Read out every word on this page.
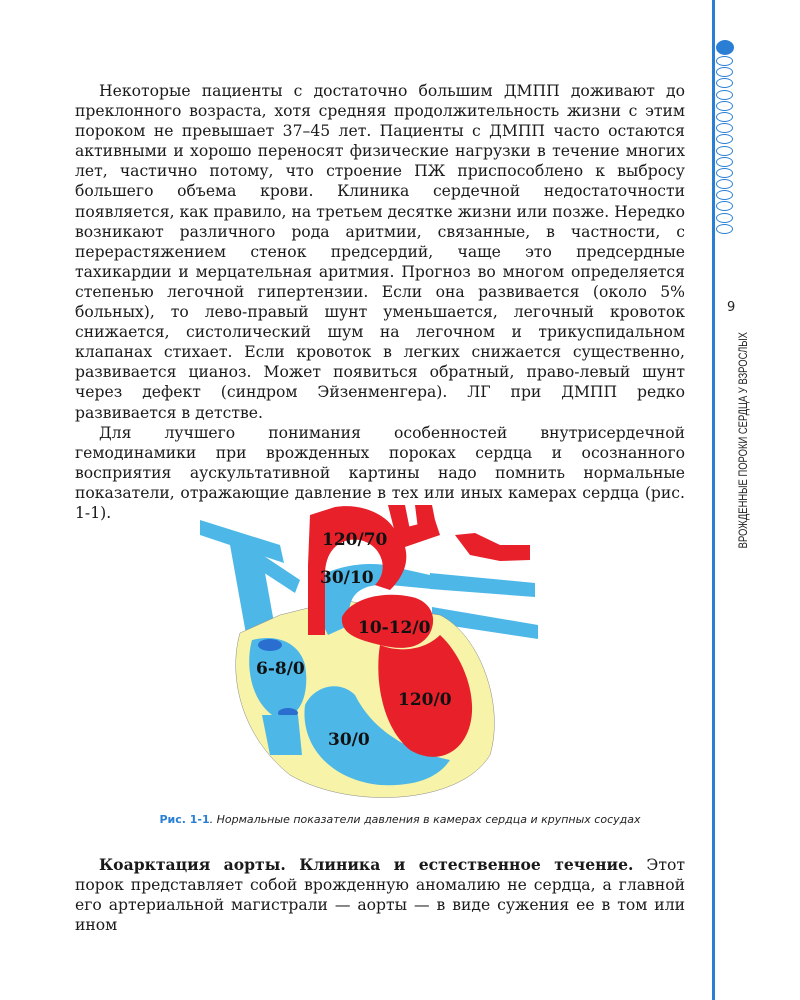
9
ВРОЖДЕННЫЕ ПОРОКИ СЕРДЦА У ВЗРОСЛЫХ

Некоторые пациенты с достаточно большим ДМПП доживают до преклонного возраста, хотя средняя продолжительность жизни с этим пороком не превышает 37–45 лет. Пациенты с ДМПП часто остаются активными и хорошо переносят физические нагрузки в течение многих лет, частично потому, что строение ПЖ приспособлено к выбросу большего объема крови. Клиника сердечной недостаточности появляется, как правило, на третьем десятке жизни или позже. Нередко возникают различного рода аритмии, связанные, в частности, с перерастяжением стенок предсердий, чаще это предсердные тахикардии и мерцательная аритмия. Прогноз во многом определяется степенью легочной гипертензии. Если она развивается (около 5% больных), то лево-правый шунт уменьшается, легочный кровоток снижается, систолический шум на легочном и трикуспидальном клапанах стихает. Если кровоток в легких снижается существенно, развивается цианоз. Может появиться обратный, право-левый шунт через дефект (синдром Эйзенменгера). ЛГ при ДМПП редко развивается в детстве.

Для лучшего понимания особенностей внутрисердечной гемодинамики при врожденных пороках сердца и осознанного восприятия аускультативной картины надо помнить нормальные показатели, отражающие давление в тех или иных камерах сердца (рис. 1-1).

120/70
30/10
10-12/0
6-8/0
120/0
30/0
Рис. 1-1. Нормальные показатели давления в камерах сердца и крупных сосудах

Коарктация аорты. Клиника и естественное течение. Этот порок представляет собой врожденную аномалию не сердца, а главной его артериальной магистрали — аорты — в виде сужения ее в том или ином
